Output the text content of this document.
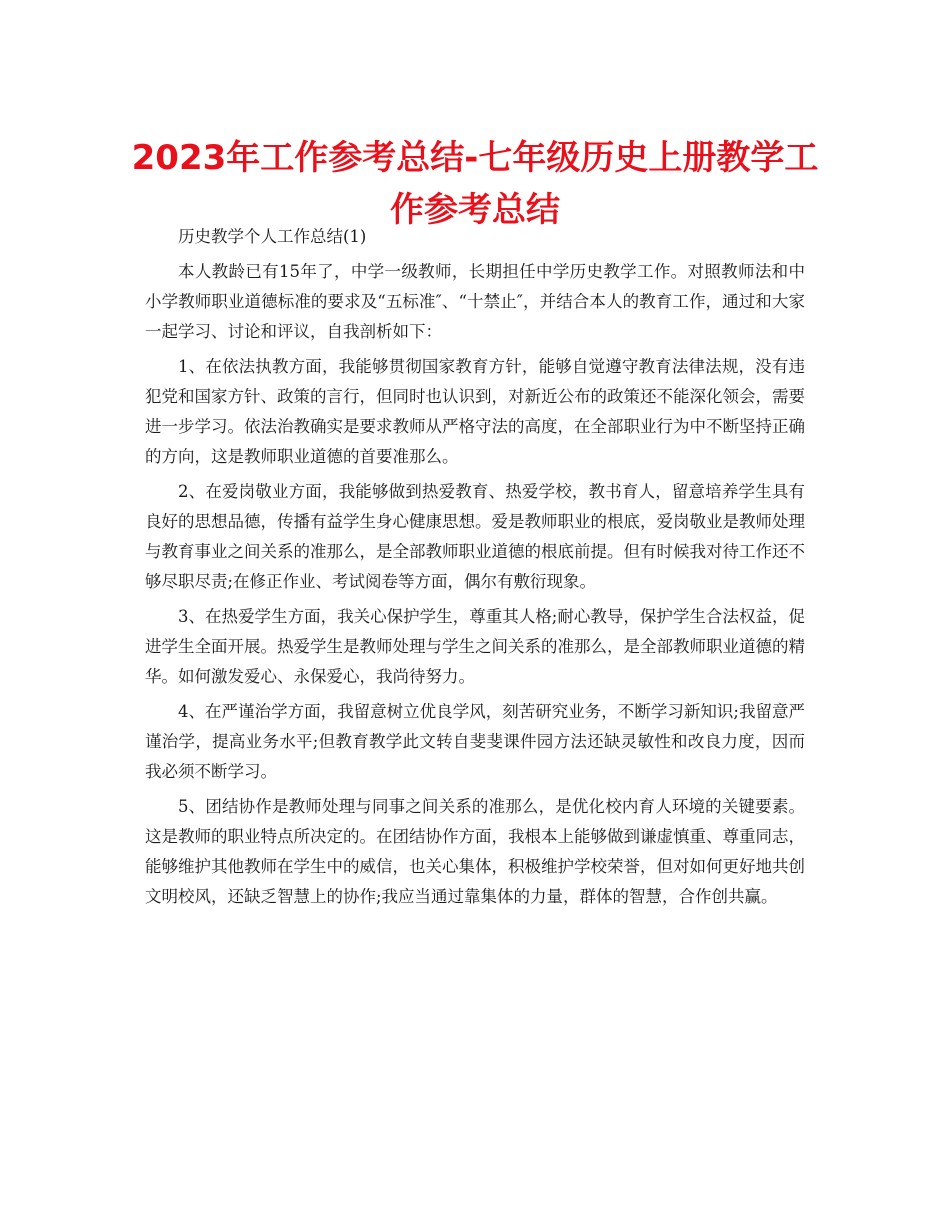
2023年工作参考总结-七年级历史上册教学工作参考总结

历史教学个人工作总结(1)

本人教龄已有15年了，中学一级教师，长期担任中学历史教学工作。对照教师法和中小学教师职业道德标准的要求及“五标准″、“十禁止″，并结合本人的教育工作，通过和大家一起学习、讨论和评议，自我剖析如下：

1、在依法执教方面，我能够贯彻国家教育方针，能够自觉遵守教育法律法规，没有违犯党和国家方针、政策的言行，但同时也认识到，对新近公布的政策还不能深化领会，需要进一步学习。依法治教确实是要求教师从严格守法的高度，在全部职业行为中不断坚持正确的方向，这是教师职业道德的首要准那么。

2、在爱岗敬业方面，我能够做到热爱教育、热爱学校，教书育人，留意培养学生具有良好的思想品德，传播有益学生身心健康思想。爱是教师职业的根底，爱岗敬业是教师处理与教育事业之间关系的准那么，是全部教师职业道德的根底前提。但有时候我对待工作还不够尽职尽责;在修正作业、考试阅卷等方面，偶尔有敷衍现象。

3、在热爱学生方面，我关心保护学生，尊重其人格;耐心教导，保护学生合法权益，促进学生全面开展。热爱学生是教师处理与学生之间关系的准那么，是全部教师职业道德的精华。如何激发爱心、永保爱心，我尚待努力。

4、在严谨治学方面，我留意树立优良学风，刻苦研究业务，不断学习新知识;我留意严谨治学，提高业务水平;但教育教学此文转自斐斐课件园方法还缺灵敏性和改良力度，因而我必须不断学习。

5、团结协作是教师处理与同事之间关系的准那么，是优化校内育人环境的关键要素。这是教师的职业特点所决定的。在团结协作方面，我根本上能够做到谦虚慎重、尊重同志，能够维护其他教师在学生中的威信，也关心集体，积极维护学校荣誉，但对如何更好地共创文明校风，还缺乏智慧上的协作;我应当通过靠集体的力量，群体的智慧，合作创共赢。
